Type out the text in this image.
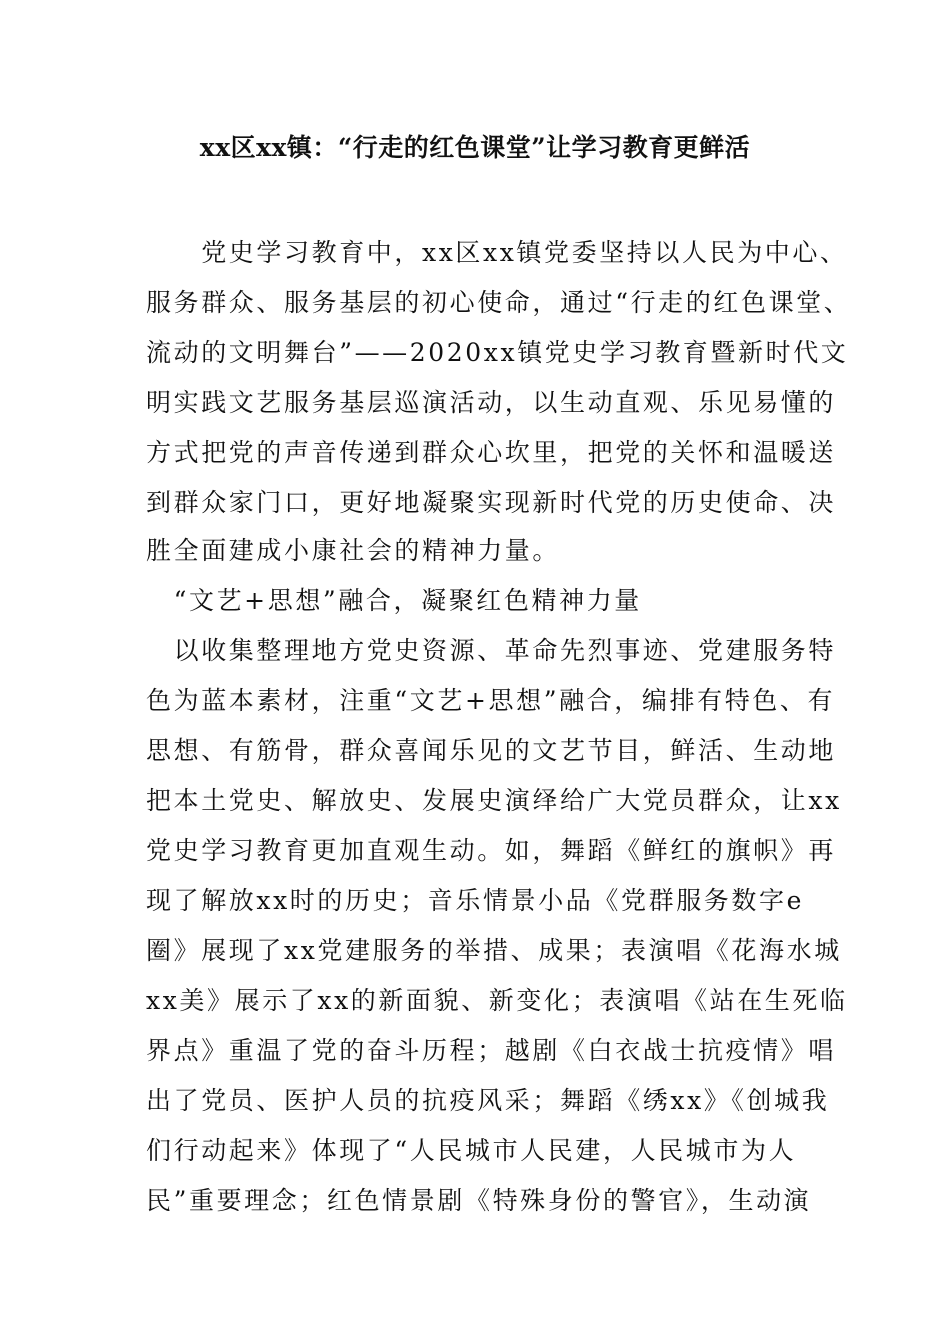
xx区xx镇：“行走的红色课堂”让学习教育更鲜活
　　党史学习教育中，xx区xx镇党委坚持以人民为中心、
服务群众、服务基层的初心使命，通过“行走的红色课堂、
流动的文明舞台”——2020xx镇党史学习教育暨新时代文
明实践文艺服务基层巡演活动，以生动直观、乐见易懂的
方式把党的声音传递到群众心坎里，把党的关怀和温暖送
到群众家门口，更好地凝聚实现新时代党的历史使命、决
胜全面建成小康社会的精神力量。
　“文艺+思想”融合，凝聚红色精神力量
　以收集整理地方党史资源、革命先烈事迹、党建服务特
色为蓝本素材，注重“文艺+思想”融合，编排有特色、有
思想、有筋骨，群众喜闻乐见的文艺节目，鲜活、生动地
把本土党史、解放史、发展史演绎给广大党员群众，让xx
党史学习教育更加直观生动。如，舞蹈《鲜红的旗帜》再
现了解放xx时的历史；音乐情景小品《党群服务数字e
圈》展现了xx党建服务的举措、成果；表演唱《花海水城
xx美》展示了xx的新面貌、新变化；表演唱《站在生死临
界点》重温了党的奋斗历程；越剧《白衣战士抗疫情》唱
出了党员、医护人员的抗疫风采；舞蹈《绣xx》《创城我
们行动起来》体现了“人民城市人民建，人民城市为人
民”重要理念；红色情景剧《特殊身份的警官》，生动演
